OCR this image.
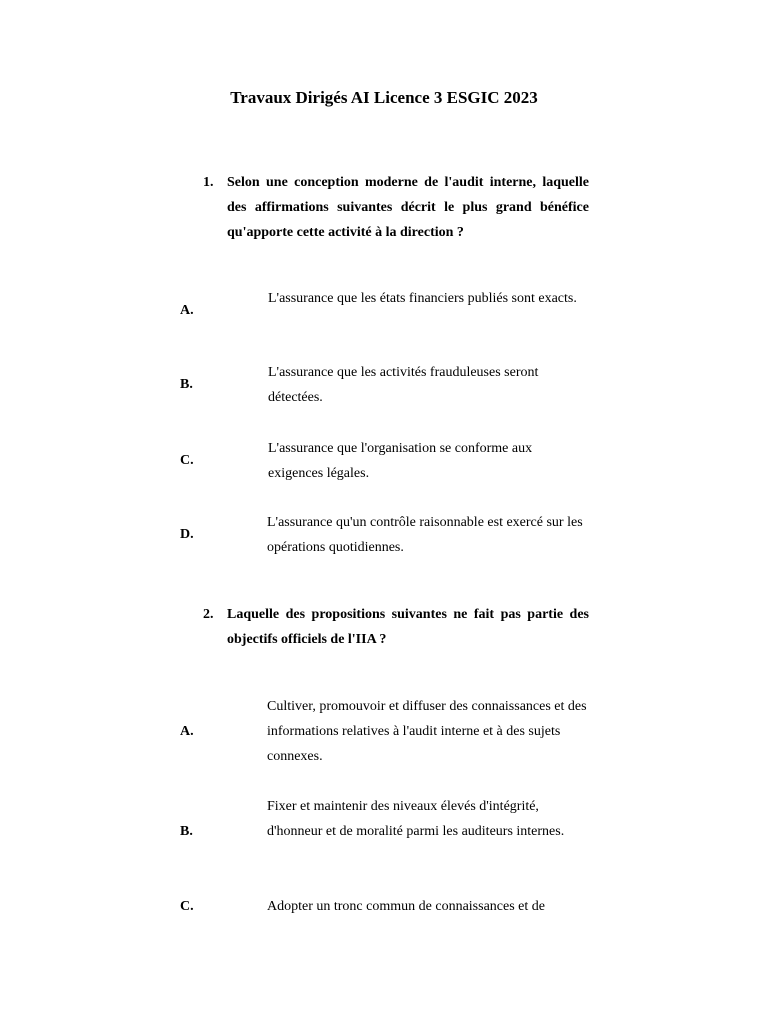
Travaux Dirigés AI Licence 3 ESGIC 2023
1. Selon une conception moderne de l'audit interne, laquelle des affirmations suivantes décrit le plus grand bénéfice qu'apporte cette activité à la direction ?
A.
L'assurance que les états financiers publiés sont exacts.
B.
L'assurance que les activités frauduleuses seront détectées.
C.
L'assurance que l'organisation se conforme aux exigences légales.
D.
L'assurance qu'un contrôle raisonnable est exercé sur les opérations quotidiennes.
2. Laquelle des propositions suivantes ne fait pas partie des objectifs officiels de l'IIA ?
A.
Cultiver, promouvoir et diffuser des connaissances et des informations relatives à l'audit interne et à des sujets connexes.
B.
Fixer et maintenir des niveaux élevés d'intégrité, d'honneur et de moralité parmi les auditeurs internes.
C.	Adopter un tronc commun de connaissances et de
